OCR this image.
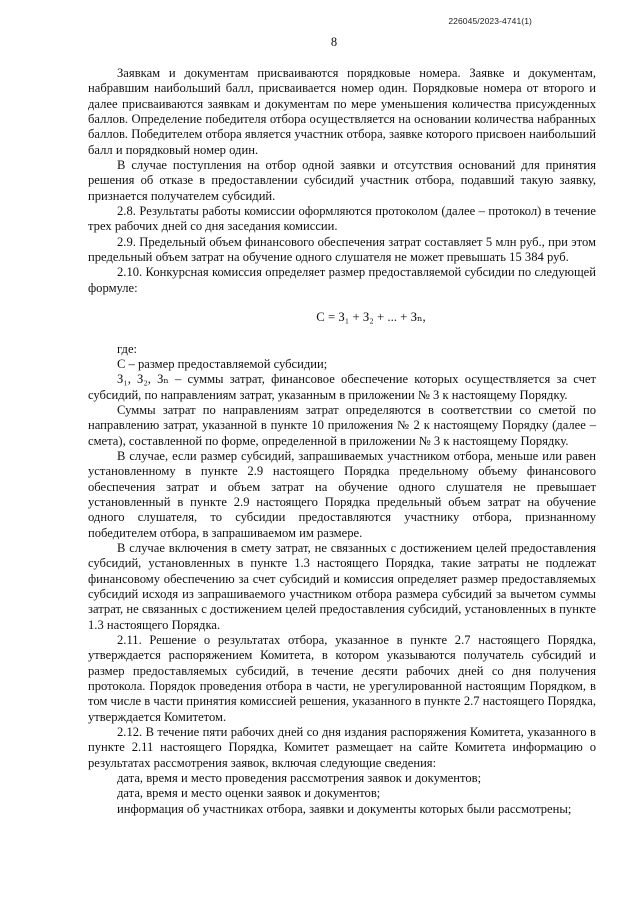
226045/2023-4741(1)
8

Заявкам и документам присваиваются порядковые номера. Заявке и документам, набравшим наибольший балл, присваивается номер один. Порядковые номера от второго и далее присваиваются заявкам и документам по мере уменьшения количества присужденных баллов. Определение победителя отбора осуществляется на основании количества набранных баллов. Победителем отбора является участник отбора, заявке которого присвоен наибольший балл и порядковый номер один.

В случае поступления на отбор одной заявки и отсутствия оснований для принятия решения об отказе в предоставлении субсидий участник отбора, подавший такую заявку, признается получателем субсидий.

2.8. Результаты работы комиссии оформляются протоколом (далее – протокол) в течение трех рабочих дней со дня заседания комиссии.

2.9. Предельный объем финансового обеспечения затрат составляет 5 млн руб., при этом предельный объем затрат на обучение одного слушателя не может превышать 15 384 руб.

2.10. Конкурсная комиссия определяет размер предоставляемой субсидии по следующей формуле:

С = З₁ + З₂ + ... + Зₙ,

где:

С – размер предоставляемой субсидии;

З₁, З₂, Зₙ – суммы затрат, финансовое обеспечение которых осуществляется за счет субсидий, по направлениям затрат, указанным в приложении № 3 к настоящему Порядку.

Суммы затрат по направлениям затрат определяются в соответствии со сметой по направлению затрат, указанной в пункте 10 приложения № 2 к настоящему Порядку (далее – смета), составленной по форме, определенной в приложении № 3 к настоящему Порядку.

В случае, если размер субсидий, запрашиваемых участником отбора, меньше или равен установленному в пункте 2.9 настоящего Порядка предельному объему финансового обеспечения затрат и объем затрат на обучение одного слушателя не превышает установленный в пункте 2.9 настоящего Порядка предельный объем затрат на обучение одного слушателя, то субсидии предоставляются участнику отбора, признанному победителем отбора, в запрашиваемом им размере.

В случае включения в смету затрат, не связанных с достижением целей предоставления субсидий, установленных в пункте 1.3 настоящего Порядка, такие затраты не подлежат финансовому обеспечению за счет субсидий и комиссия определяет размер предоставляемых субсидий исходя из запрашиваемого участником отбора размера субсидий за вычетом суммы затрат, не связанных с достижением целей предоставления субсидий, установленных в пункте 1.3 настоящего Порядка.

2.11. Решение о результатах отбора, указанное в пункте 2.7 настоящего Порядка, утверждается распоряжением Комитета, в котором указываются получатель субсидий и размер предоставляемых субсидий, в течение десяти рабочих дней со дня получения протокола. Порядок проведения отбора в части, не урегулированной настоящим Порядком, в том числе в части принятия комиссией решения, указанного в пункте 2.7 настоящего Порядка, утверждается Комитетом.

2.12. В течение пяти рабочих дней со дня издания распоряжения Комитета, указанного в пункте 2.11 настоящего Порядка, Комитет размещает на сайте Комитета информацию о результатах рассмотрения заявок, включая следующие сведения:

дата, время и место проведения рассмотрения заявок и документов;

дата, время и место оценки заявок и документов;

информация об участниках отбора, заявки и документы которых были рассмотрены;
